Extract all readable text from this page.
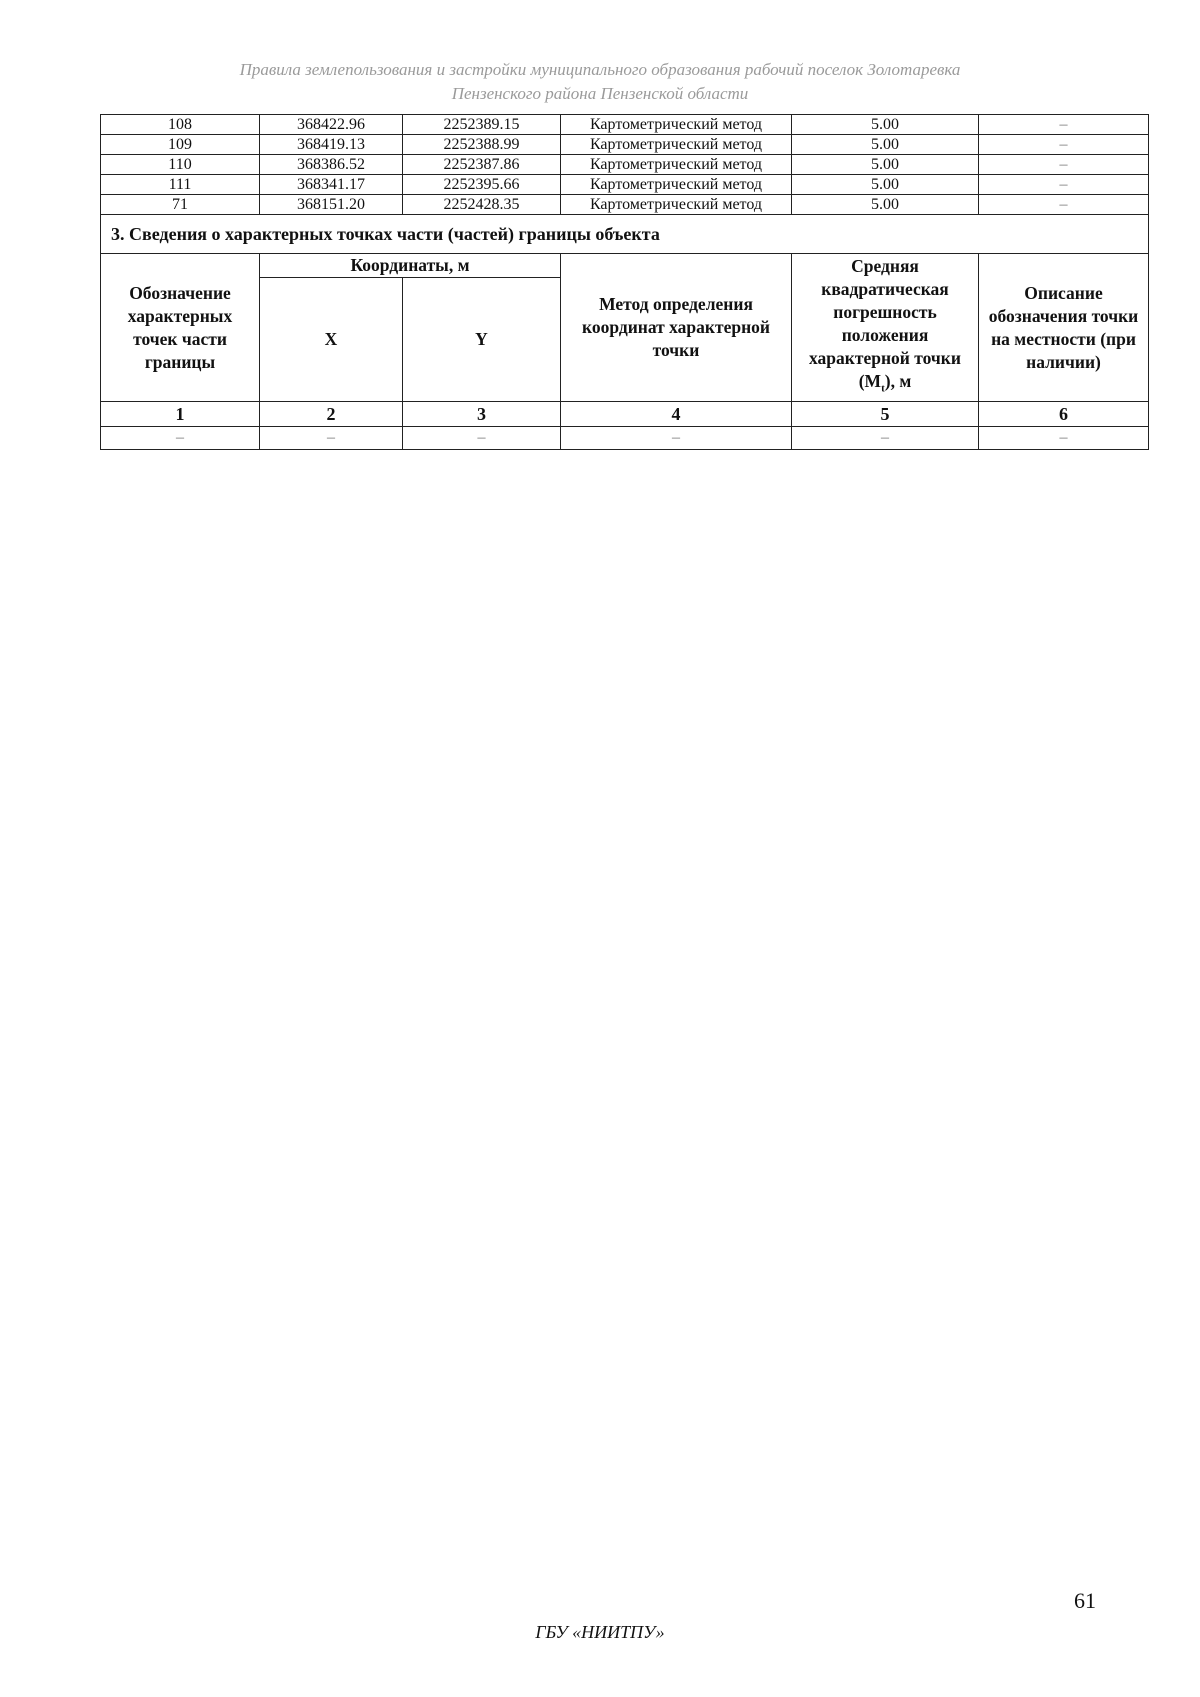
Правила землепользования и застройки муниципального образования рабочий поселок Золотаревка
Пензенского района Пензенской области
108	368422.96	2252389.15	Картометрический метод	5.00	–
109	368419.13	2252388.99	Картометрический метод	5.00	–
110	368386.52	2252387.86	Картометрический метод	5.00	–
111	368341.17	2252395.66	Картометрический метод	5.00	–
71	368151.20	2252428.35	Картометрический метод	5.00	–
3. Сведения о характерных точках части (частей) границы объекта					
Обозначение характерных точек части границы	Координаты, м		Метод определения координат характерной точки	Средняя квадратическая погрешность положения характерной точки $(M_t)$, м	Описание обозначения точки на местности (при наличии)
	X	Y			
1	2	3	4	5	6
–	–	–	–	–	–
61
ГБУ «НИИТПУ»
